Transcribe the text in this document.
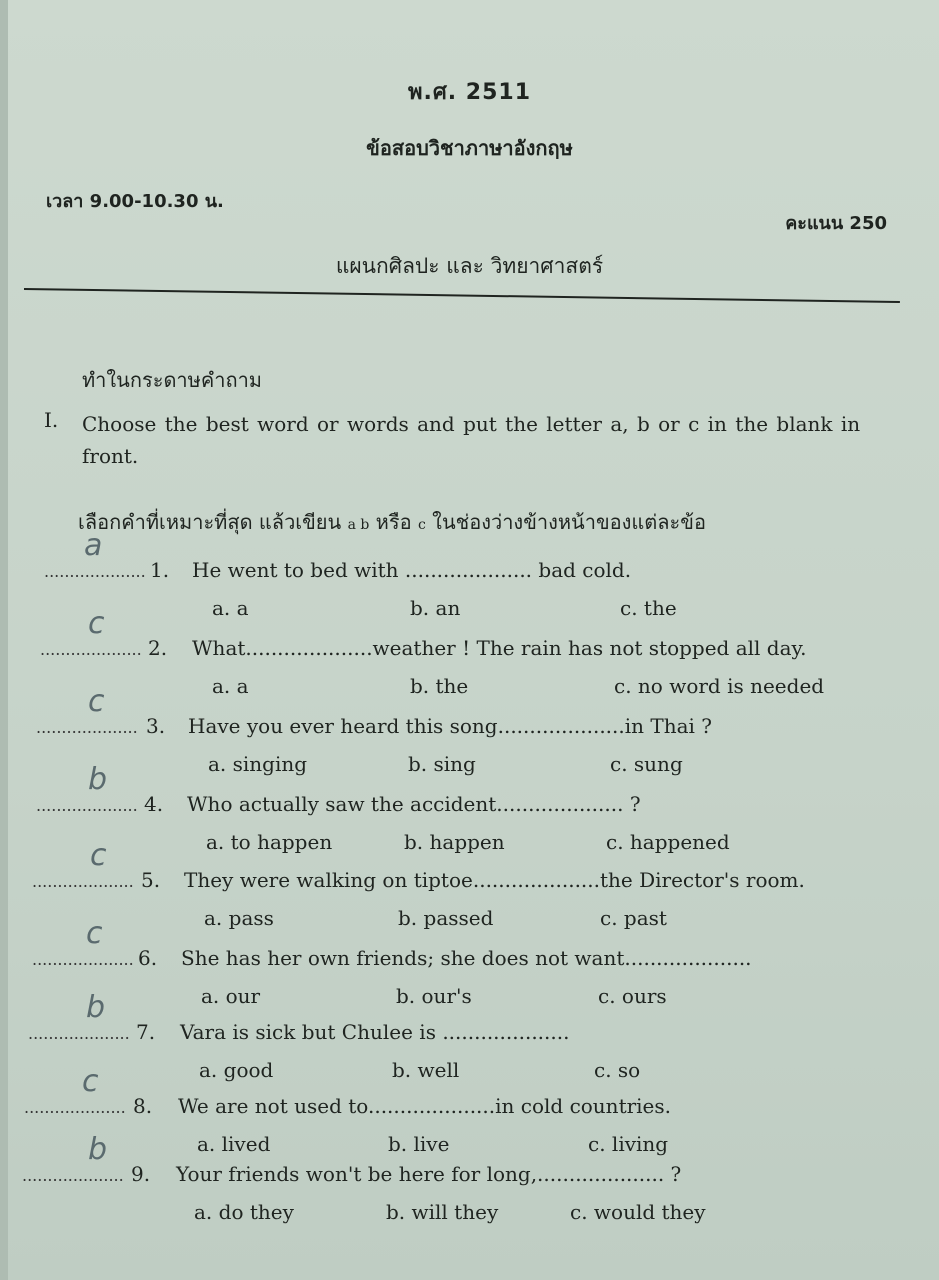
พ.ศ. 2511
ข้อสอบวิชาภาษาอังกฤษ
เวลา 9.00-10.30 น.
คะแนน 250
แผนกศิลปะ และ วิทยาศาสตร์
ทำในกระดาษคำถาม
I. Choose the best word or words and put the letter a, b or c in the blank in front.
เลือกคำที่เหมาะที่สุด แล้วเขียน a b หรือ c ในช่องว่างข้างหน้าของแต่ละข้อ
....................
a
1. He went to bed with .................... bad cold.
a. a	b. an	c. the
....................
c
2. What....................weather ! The rain has not stopped all day.
a. a	b. the	c. no word is needed
....................
c
3. Have you ever heard this song....................in Thai ?
a. singing	b. sing	c. sung
....................
b
4. Who actually saw the accident.................... ?
a. to happen	b. happen	c. happened
....................
c
5. They were walking on tiptoe....................the Director's room.
a. pass	b. passed	c. past
....................
c
6. She has her own friends; she does not want....................
a. our	b. our's	c. ours
....................
b
7. Vara is sick but Chulee is ....................
a. good	b. well	c. so
....................
c
8. We are not used to....................in cold countries.
a. lived	b. live	c. living
....................
b
9. Your friends won't be here for long,.................... ?
a. do they	b. will they	c. would they
